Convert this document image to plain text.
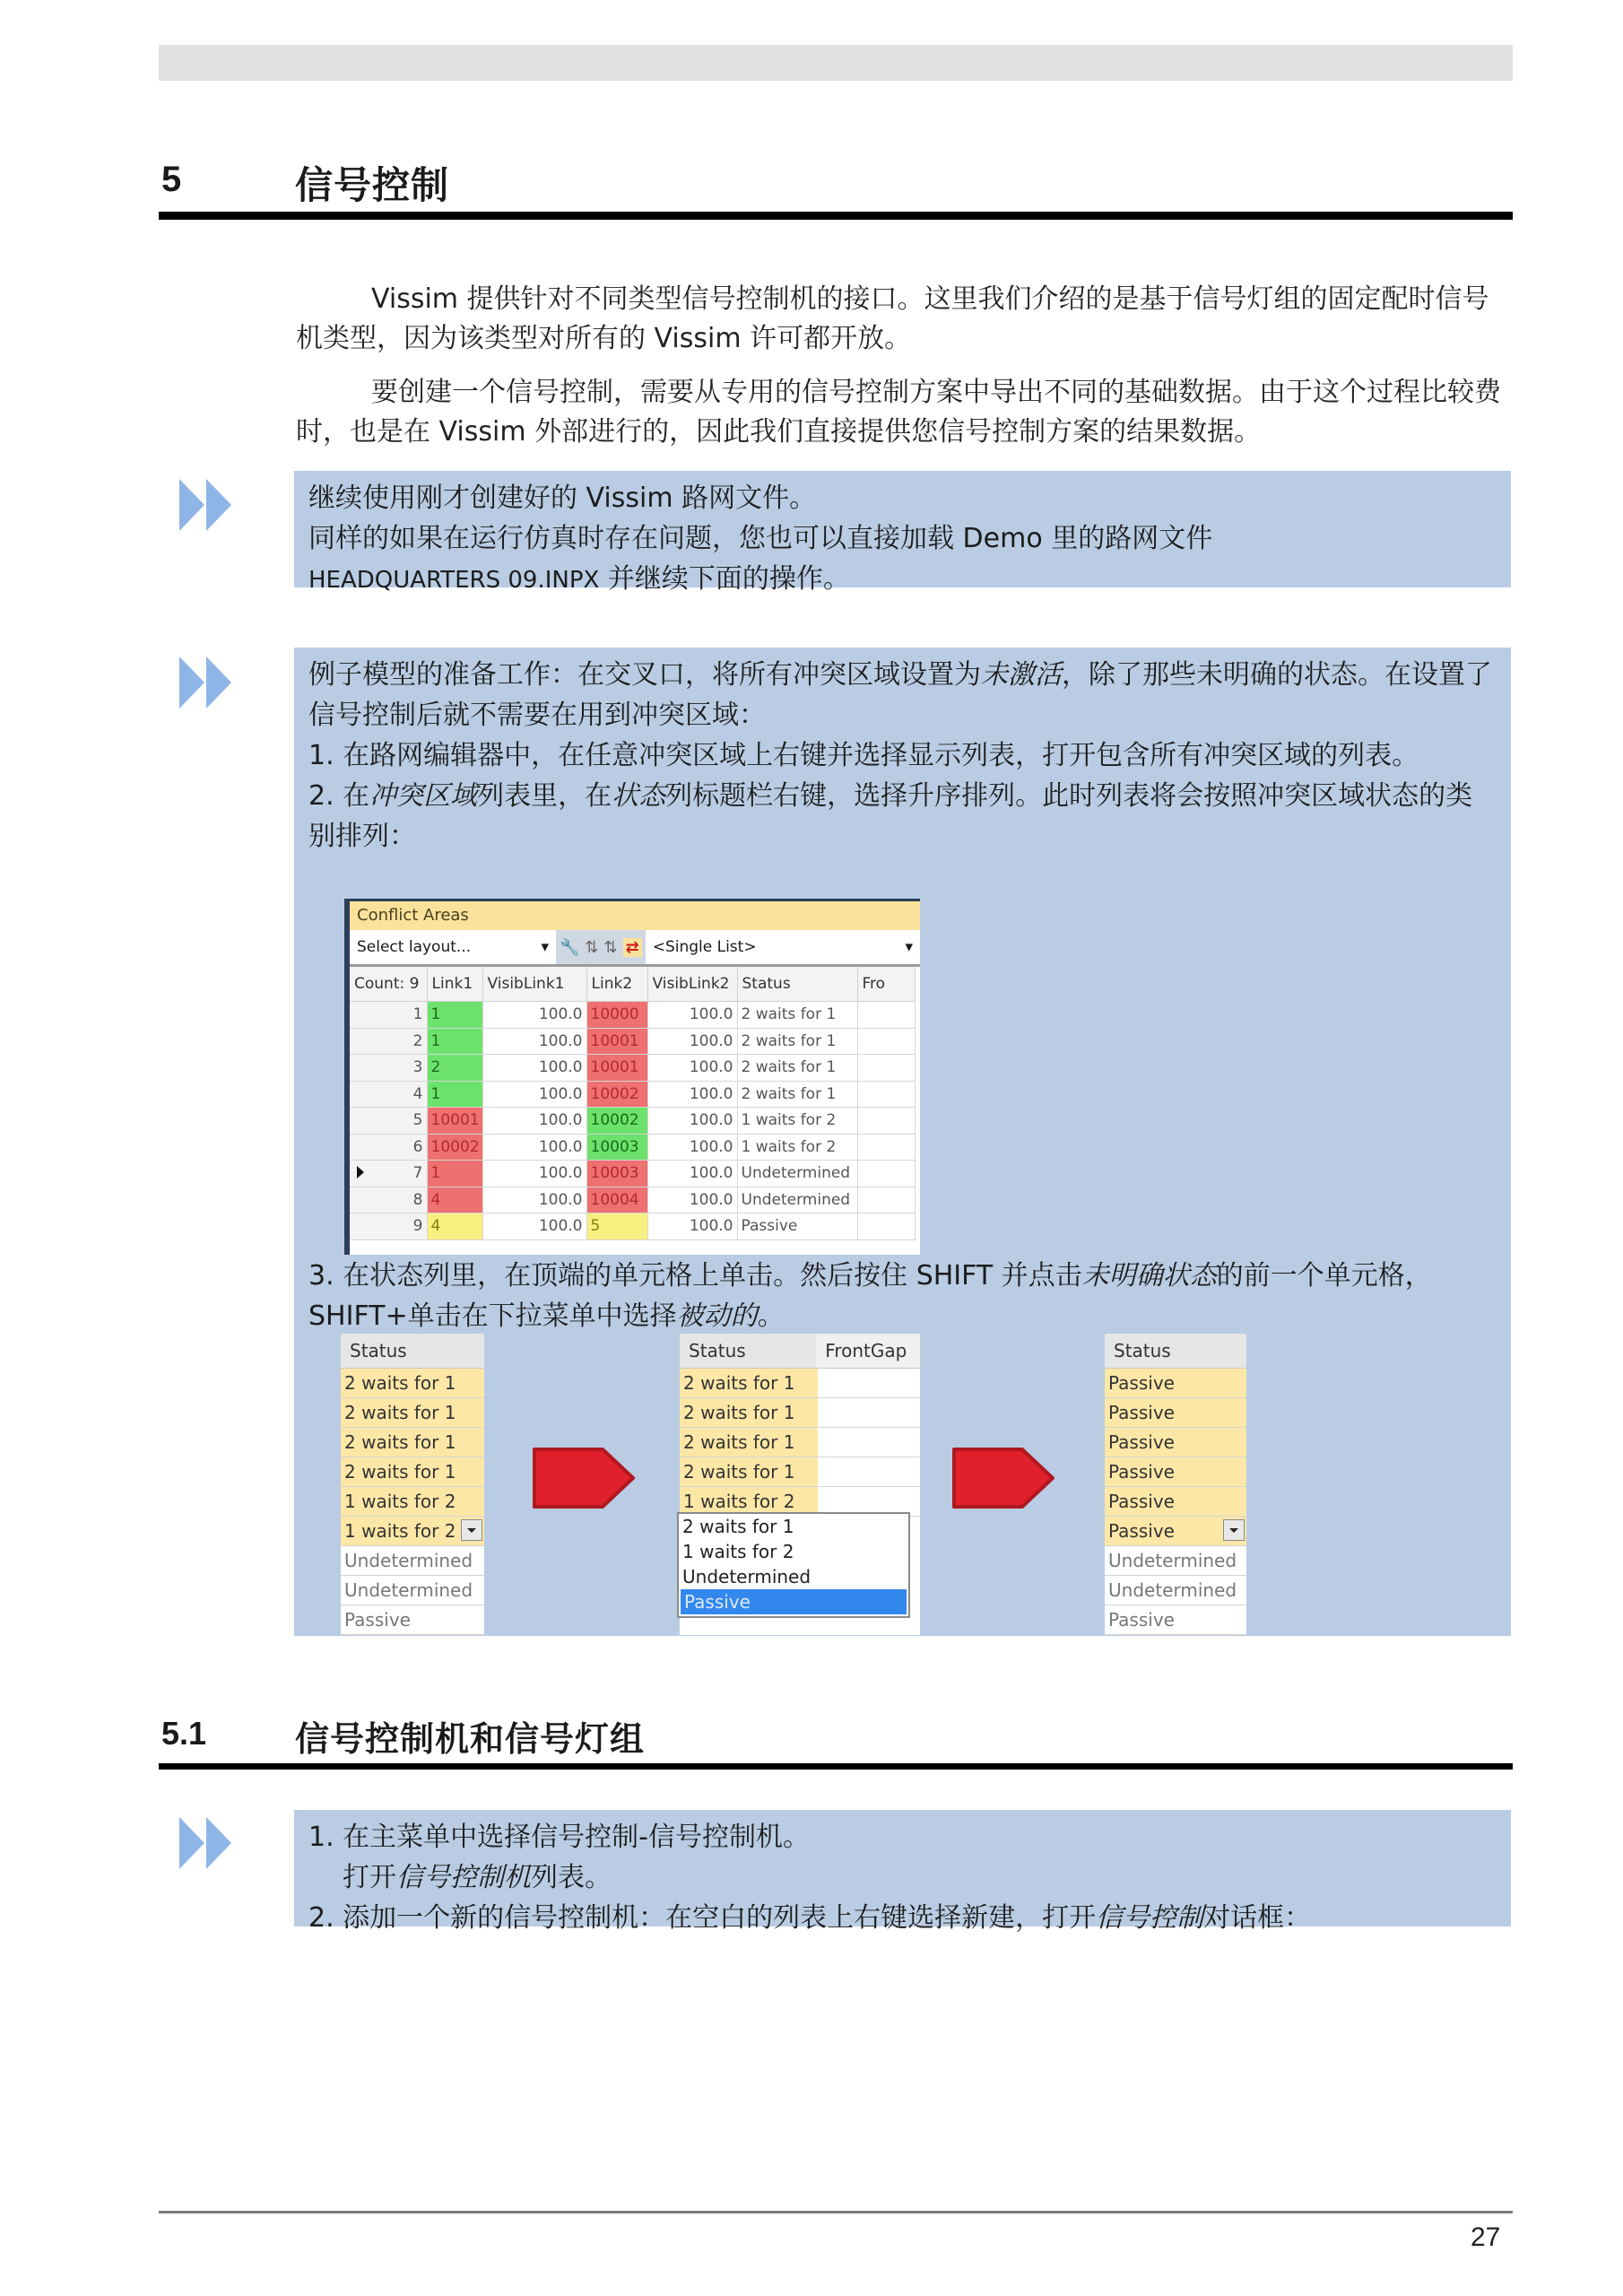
5	信号控制
Vissim 提供针对不同类型信号控制机的接口。这里我们介绍的是基于信号灯组的固定配时信号机类型，因为该类型对所有的 Vissim 许可都开放。
要创建一个信号控制，需要从专用的信号控制方案中导出不同的基础数据。由于这个过程比较费时，也是在 Vissim 外部进行的，因此我们直接提供您信号控制方案的结果数据。
继续使用刚才创建好的 Vissim 路网文件。
同样的如果在运行仿真时存在问题，您也可以直接加载 Demo 里的路网文件
HEADQUARTERS 09.INPX 并继续下面的操作。
例子模型的准备工作：在交叉口，将所有冲突区域设置为未激活，除了那些未明确的状态。在设置了信号控制后就不需要在用到冲突区域：
1. 在路网编辑器中，在任意冲突区域上右键并选择显示列表，打开包含所有冲突区域的列表。
2. 在冲突区域列表里，在状态列标题栏右键，选择升序排列。此时列表将会按照冲突区域状态的类别排列：
3. 在状态列里，在顶端的单元格上单击。然后按住 SHIFT 并点击未明确状态的前一个单元格，SHIFT+单击在下拉菜单中选择被动的。
Conflict Areas
Select layout...	▾ 🔧 ⇅ ⇅ ⇄ <Single List>	▾
Count: 9	Link1	VisibLink1	Link2	VisibLink2	Status	Fro
1	1	100.0	10000	100.0	2 waits for 1	
2	1	100.0	10001	100.0	2 waits for 1	
3	2	100.0	10001	100.0	2 waits for 1	
4	1	100.0	10002	100.0	2 waits for 1	
5	10001	100.0	10002	100.0	1 waits for 2	
6	10002	100.0	10003	100.0	1 waits for 2	

7	1	100.0	10003	100.0	Undetermined	
8	4	100.0	10004	100.0	Undetermined	
9	4	100.0	5	100.0	Passive	
Status
2 waits for 1
2 waits for 1
2 waits for 1
2 waits for 1
1 waits for 2
1 waits for 2
Undetermined
Undetermined
Passive
Status	FrontGap
2 waits for 1
2 waits for 1
2 waits for 1
2 waits for 1
1 waits for 2
2 waits for 1
1 waits for 2
Undetermined
Passive
Status
Passive
Passive
Passive
Passive
Passive
Passive
Undetermined
Undetermined
Passive
5.1	信号控制机和信号灯组
1. 在主菜单中选择信号控制-信号控制机。
打开信号控制机列表。
2. 添加一个新的信号控制机：在空白的列表上右键选择新建，打开信号控制对话框：
27
